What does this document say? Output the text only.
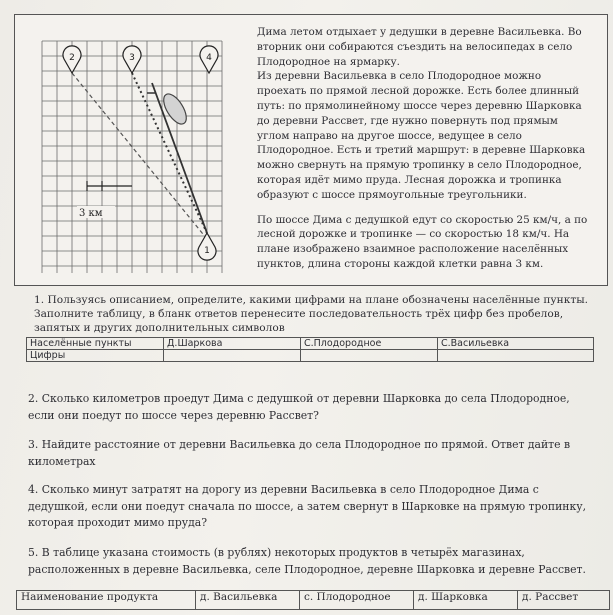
3 км
2	3	4
1

Дима летом отдыхает у дедушки в деревне Васильевка. Во вторник они собираются съездить на велосипедах в село Плодородное на ярмарку.

Из деревни Васильевка в село Плодородное можно проехать по прямой лесной дорожке. Есть более длинный путь: по прямолинейному шоссе через деревню Шарковка до деревни Рассвет, где нужно повернуть под прямым углом направо на другое шоссе, ведущее в село Плодородное. Есть и третий маршрут: в деревне Шарковка можно свернуть на прямую тропинку в село Плодородное, которая идёт мимо пруда. Лесная дорожка и тропинка образуют с шоссе прямоугольные треугольники.

По шоссе Дима с дедушкой едут со скоростью 25 км/ч, а по лесной дорожке и тропинке — со скоростью 18 км/ч. На плане изображено взаимное расположение населённых пунктов, длина стороны каждой клетки равна 3 км.

1. Пользуясь описанием, определите, какими цифрами на плане обозначены населённые пункты. Заполните таблицу, в бланк ответов перенесите последовательность трёх цифр без пробелов, запятых и других дополнительных символов
Населённые пункты	Д.Шаркова	С.Плодородное	С.Васильевка
Цифры			
2. Сколько километров проедут Дима с дедушкой от деревни Шарковка до села Плодородное, если они поедут по шоссе через деревню Рассвет?
3. Найдите расстояние от деревни Васильевка до села Плодородное по прямой. Ответ дайте в километрах
4. Сколько минут затратят на дорогу из деревни Васильевка в село Плодородное Дима с дедушкой, если они поедут сначала по шоссе, а затем свернут в Шарковке на прямую тропинку, которая проходит мимо пруда?
5. В таблице указана стоимость (в рублях) некоторых продуктов в четырёх магазинах, расположенных в деревне Васильевка, селе Плодородное, деревне Шарковка и деревне Рассвет.
Наименование продукта	д. Васильевка	с. Плодородное	д. Шарковка	д. Рассвет
